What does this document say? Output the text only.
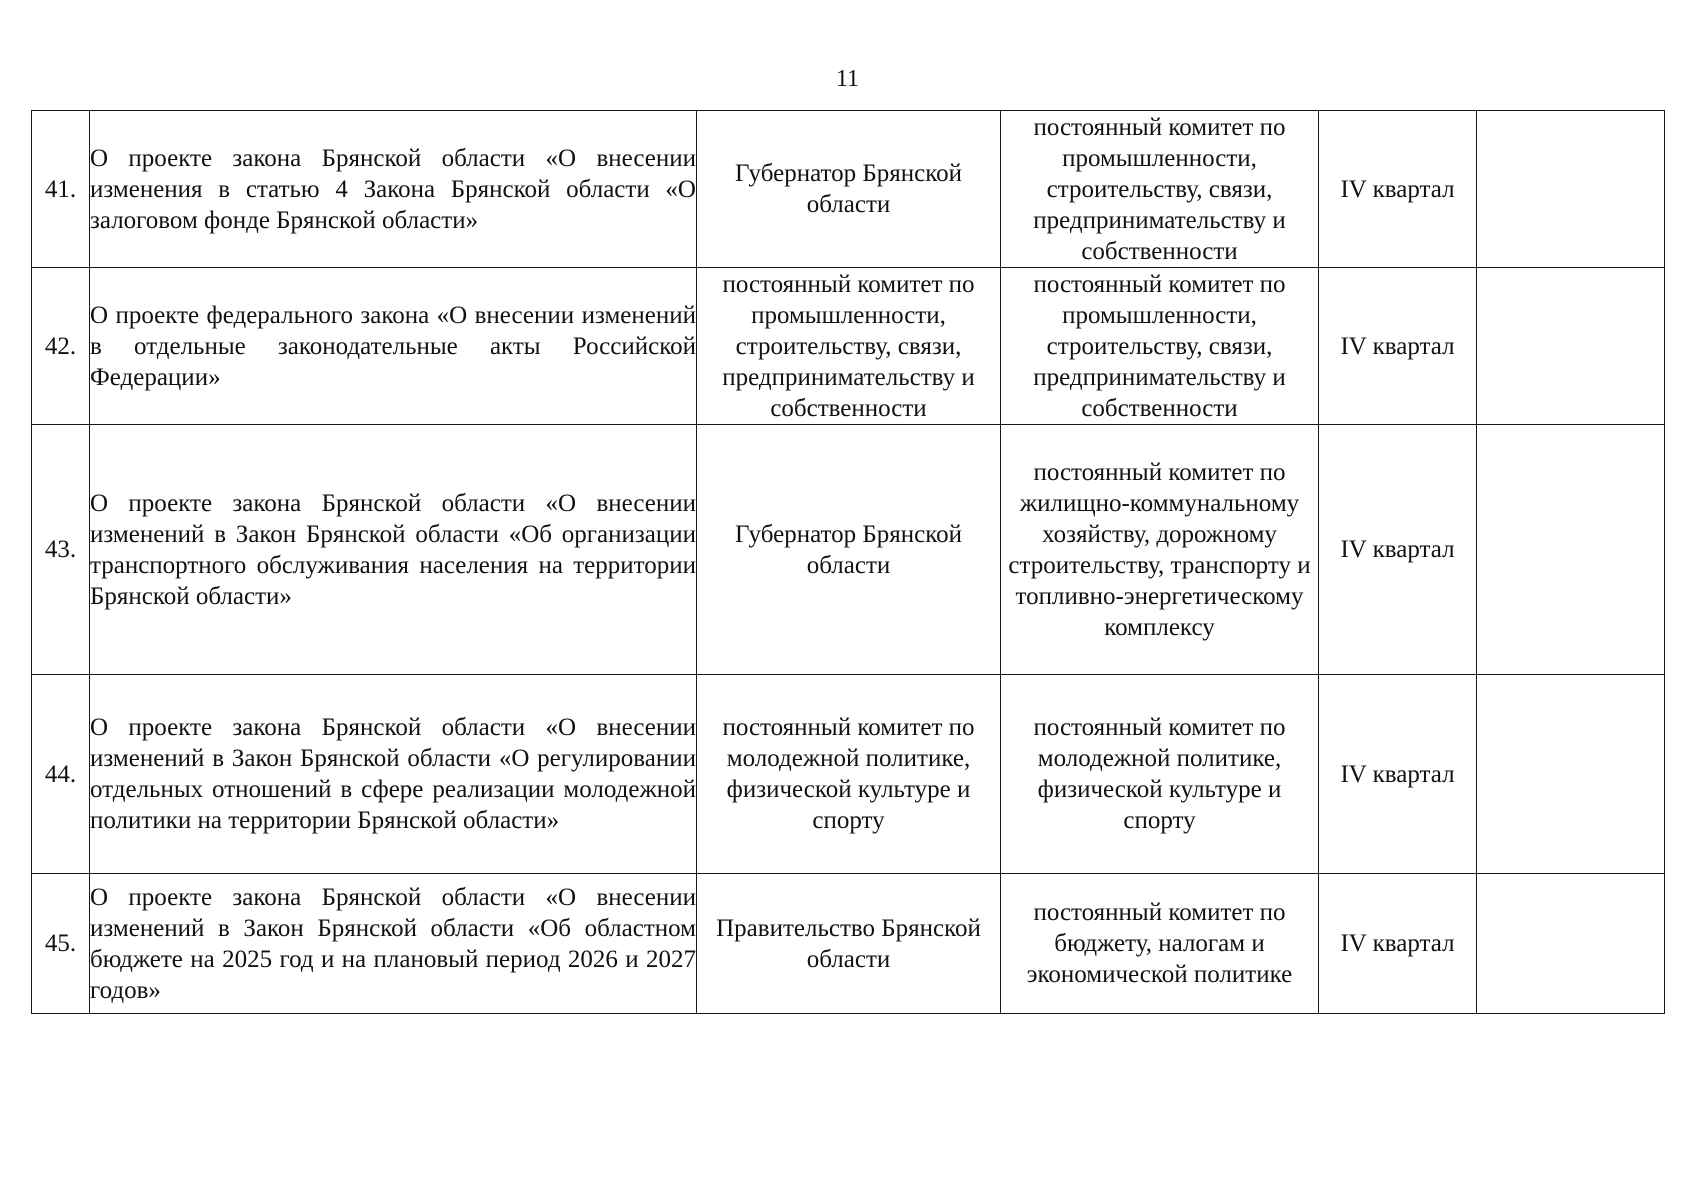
11
41.	О проекте закона Брянской области «О внесении изменения в статью 4 Закона Брянской области «О залоговом фонде Брянской области»	Губернатор Брянской области	постоянный комитет по промышленности, строительству, связи, предпринимательству и собственности	IV квартал	
42.	О проекте федерального закона «О внесении изменений в отдельные законодательные акты Российской Федерации»	постоянный комитет по промышленности, строительству, связи, предпринимательству и собственности	постоянный комитет по промышленности, строительству, связи, предпринимательству и собственности	IV квартал	
43.	О проекте закона Брянской области «О внесении изменений в Закон Брянской области «Об организации транспортного обслуживания населения на территории Брянской области»	Губернатор Брянской области	постоянный комитет по жилищно-коммунальному хозяйству, дорожному строительству, транспорту и топливно-энергетическому комплексу	IV квартал	
44.	О проекте закона Брянской области «О внесении изменений в Закон Брянской области «О регулировании отдельных отношений в сфере реализации молодежной политики на территории Брянской области»	постоянный комитет по молодежной политике, физической культуре и спорту	постоянный комитет по молодежной политике, физической культуре и спорту	IV квартал	
45.	О проекте закона Брянской области «О внесении изменений в Закон Брянской области «Об областном бюджете на 2025 год и на плановый период 2026 и 2027 годов»	Правительство Брянской области	постоянный комитет по бюджету, налогам и экономической политике	IV квартал	
